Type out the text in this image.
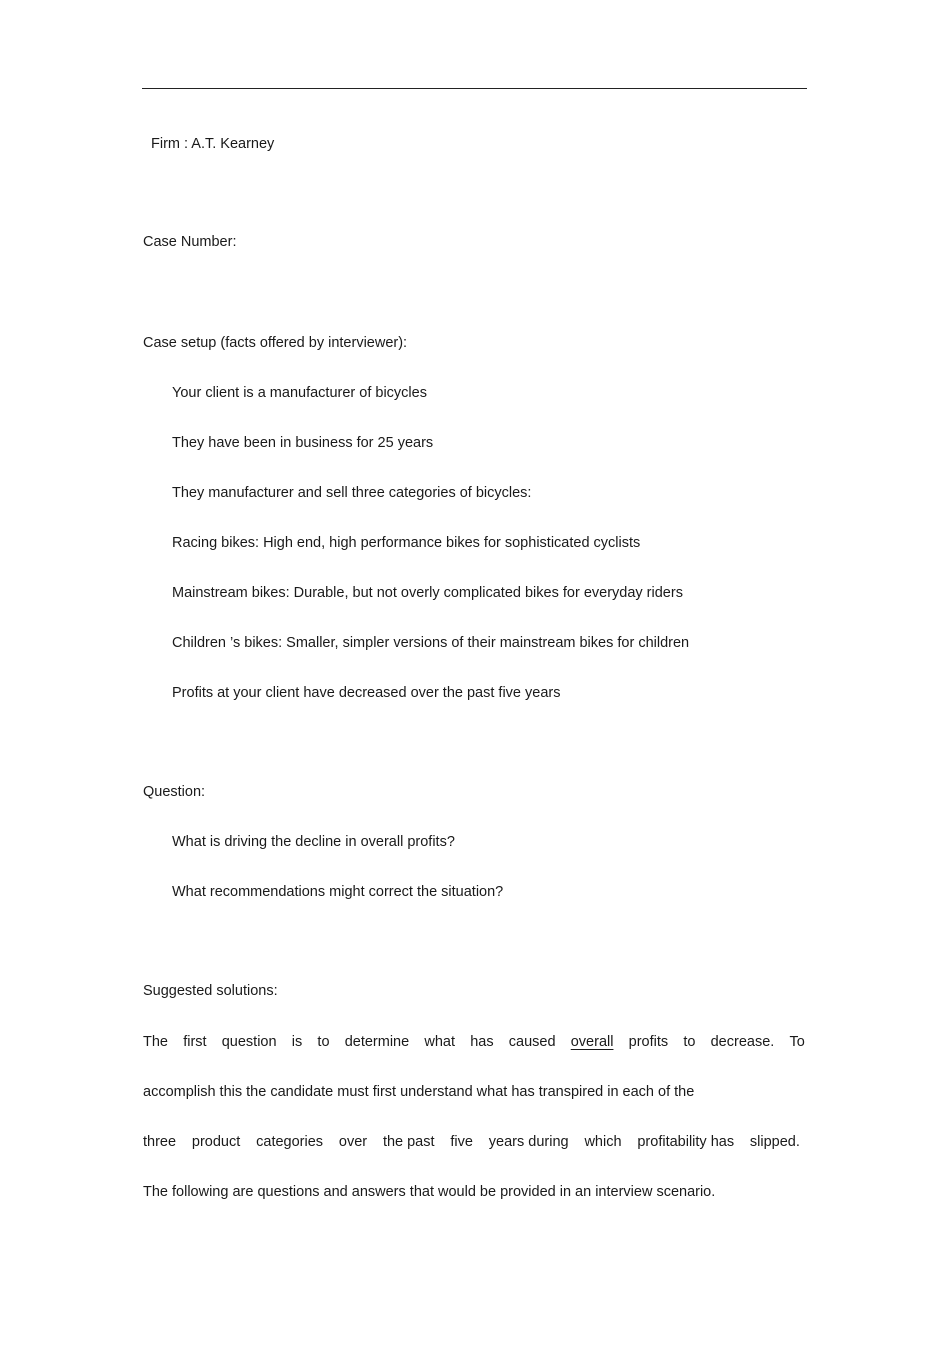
Firm : A.T. Kearney
Case Number:
Case setup (facts offered by interviewer):
Your client is a manufacturer of bicycles
They have been in business for 25 years
They manufacturer and sell three categories of bicycles:
Racing bikes: High end, high performance bikes for sophisticated cyclists
Mainstream bikes: Durable, but not overly complicated bikes for everyday riders
Children ’s bikes: Smaller, simpler versions of their mainstream bikes for children
Profits at your client have decreased over the past five years
Question:
What is driving the decline in overall profits?
What recommendations might correct the situation?
Suggested solutions:
The first question is to determine what has caused overall profits to decrease. To
accomplish this the candidate must first understand what has transpired in each of the
three product categories over the past five years during which profitability has slipped.
The following are questions and answers that would be provided in an interview scenario.
